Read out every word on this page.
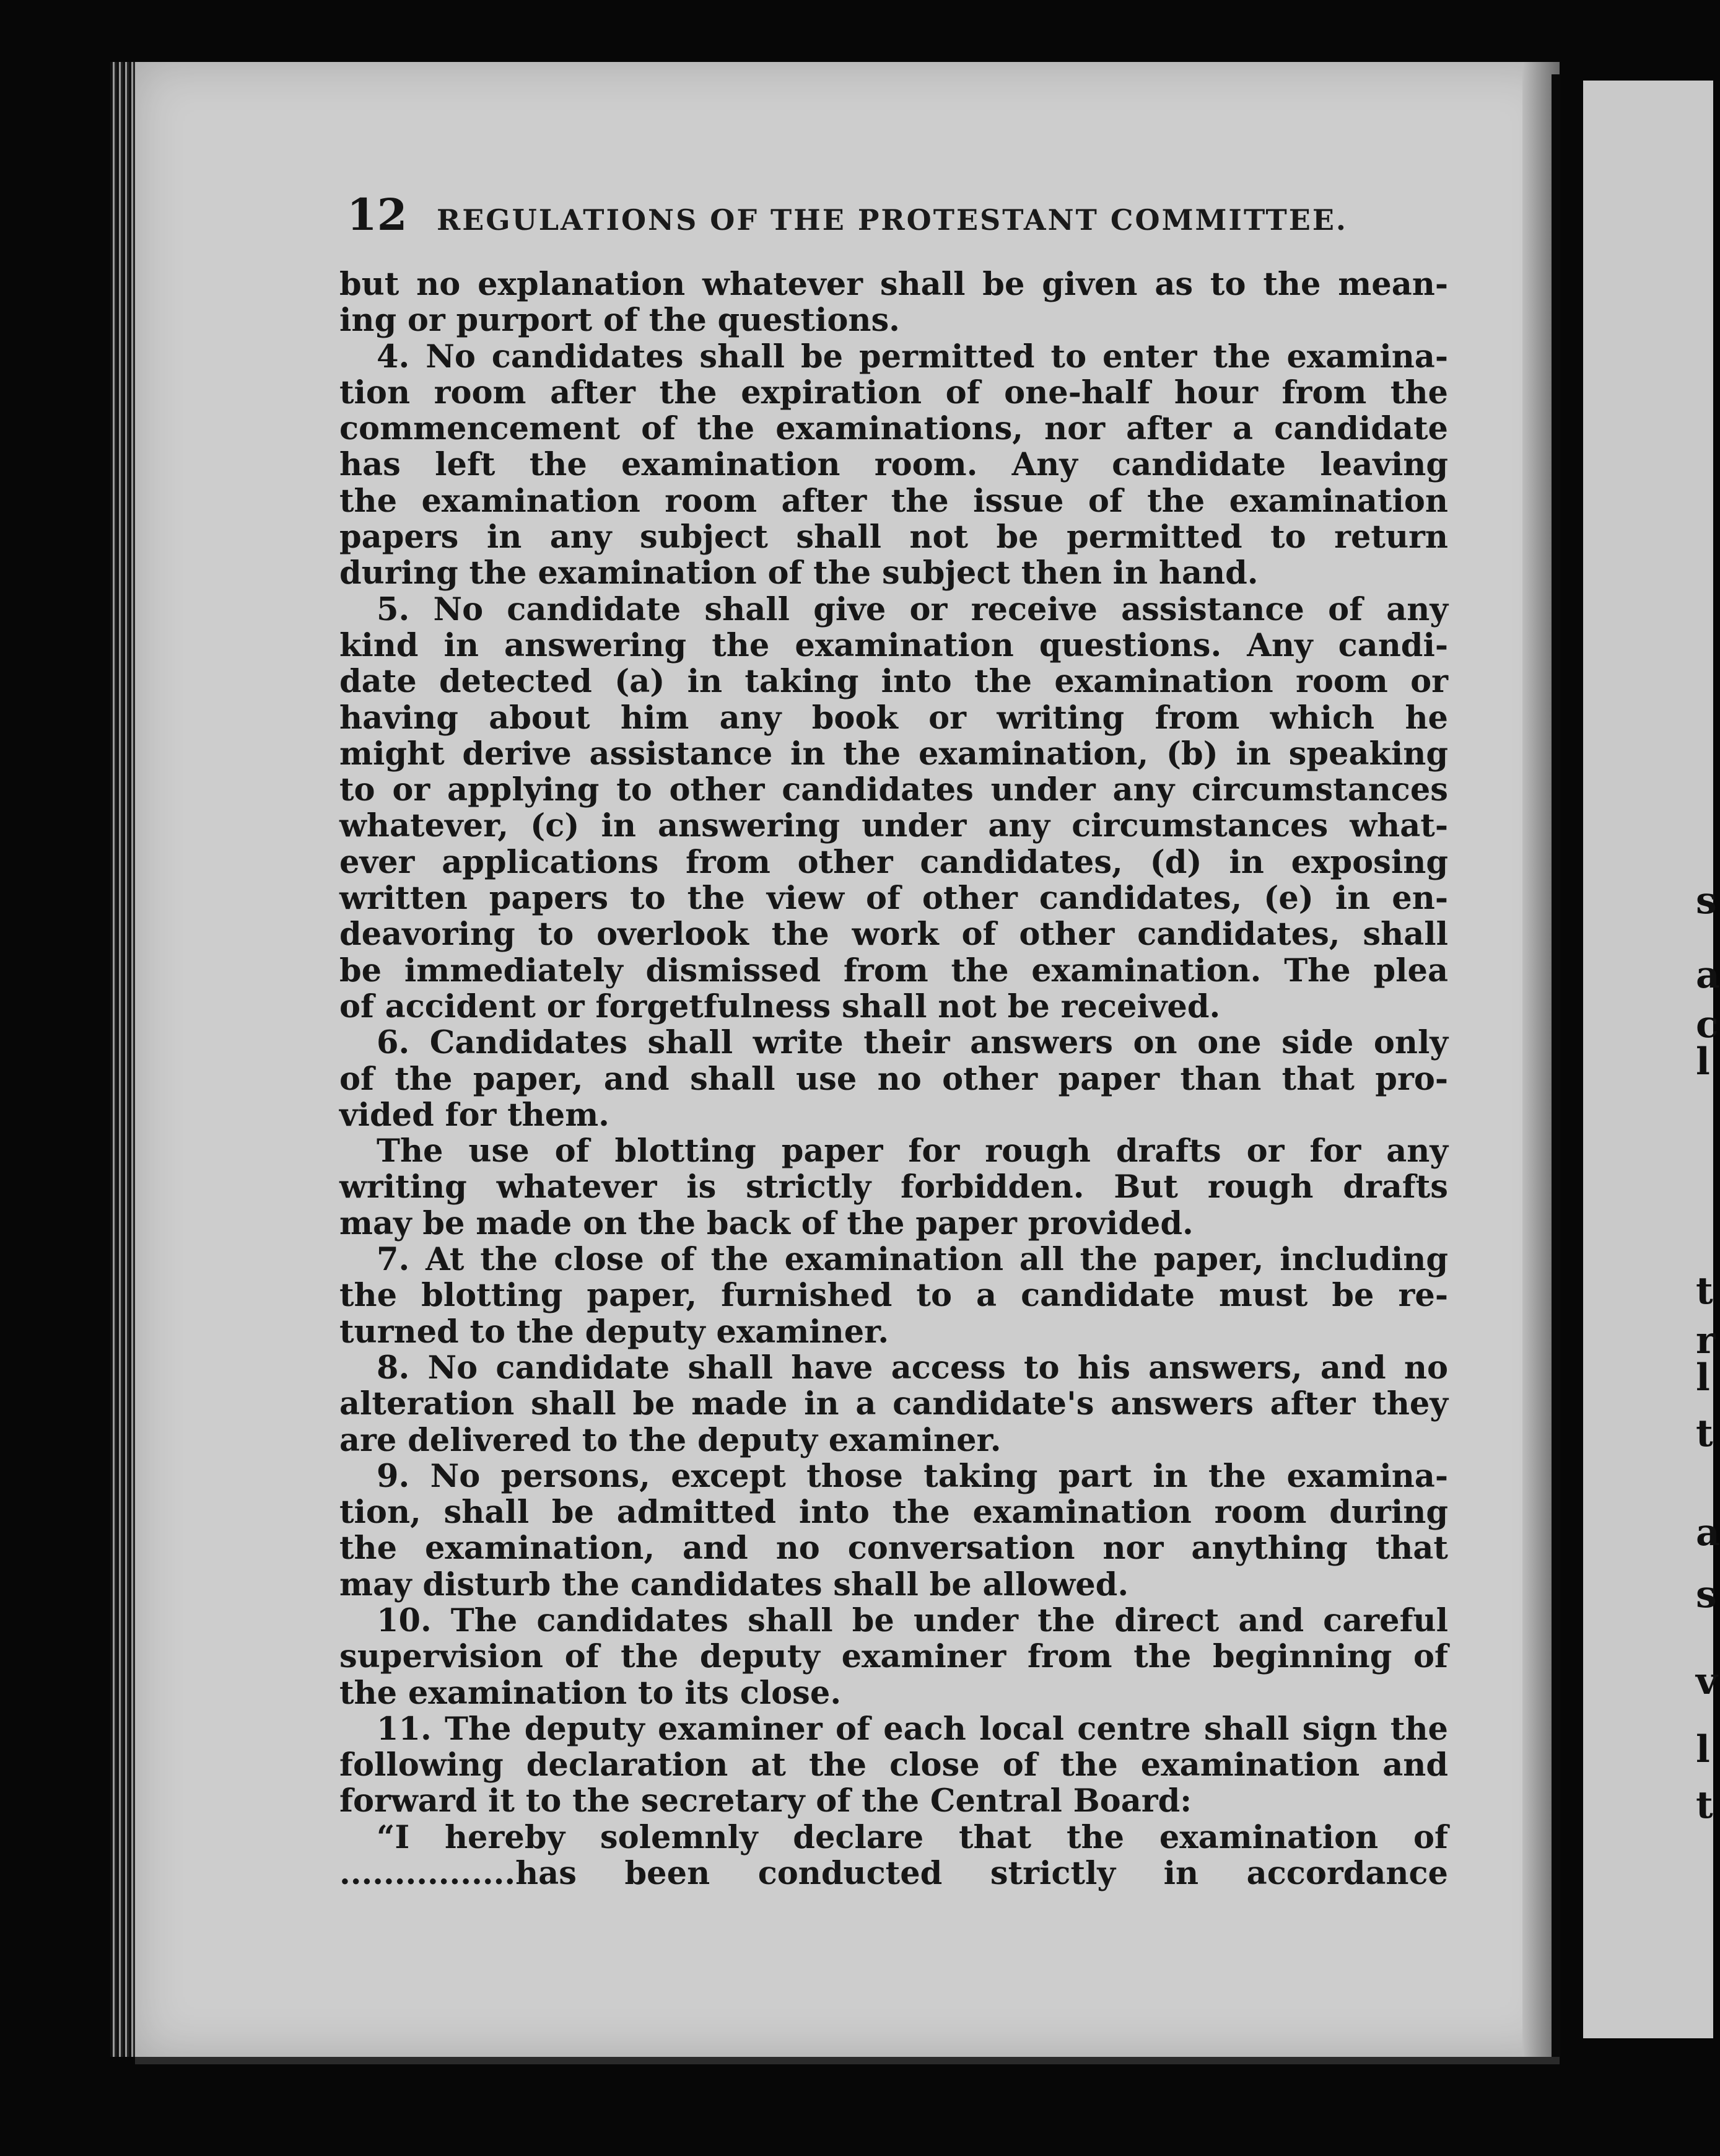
12	REGULATIONS OF THE PROTESTANT COMMITTEE.
but no explanation whatever shall be given as to the mean-
ing or purport of the questions.
4. No candidates shall be permitted to enter the examina-
tion room after the expiration of one-half hour from the
commencement of the examinations, nor after a candidate
has left the examination room. Any candidate leaving
the examination room after the issue of the examination
papers in any subject shall not be permitted to return
during the examination of the subject then in hand.
5. No candidate shall give or receive assistance of any
kind in answering the examination questions. Any candi-
date detected (a) in taking into the examination room or
having about him any book or writing from which he
might derive assistance in the examination, (b) in speaking
to or applying to other candidates under any circumstances
whatever, (c) in answering under any circumstances what-
ever applications from other candidates, (d) in exposing
written papers to the view of other candidates, (e) in en-
deavoring to overlook the work of other candidates, shall
be immediately dismissed from the examination. The plea
of accident or forgetfulness shall not be received.
6. Candidates shall write their answers on one side only
of the paper, and shall use no other paper than that pro-
vided for them.
The use of blotting paper for rough drafts or for any
writing whatever is strictly forbidden. But rough drafts
may be made on the back of the paper provided.
7. At the close of the examination all the paper, including
the blotting paper, furnished to a candidate must be re-
turned to the deputy examiner.
8. No candidate shall have access to his answers, and no
alteration shall be made in a candidate's answers after they
are delivered to the deputy examiner.
9. No persons, except those taking part in the examina-
tion, shall be admitted into the examination room during
the examination, and no conversation nor anything that
may disturb the candidates shall be allowed.
10. The candidates shall be under the direct and careful
supervision of the deputy examiner from the beginning of
the examination to its close.
11. The deputy examiner of each local centre shall sign the
following declaration at the close of the examination and
forward it to the secretary of the Central Board:
“I hereby solemnly declare that the examination of
................has been conducted strictly in accordance
s
a
c
l
t
r
l
t
a
s
v
l
t
